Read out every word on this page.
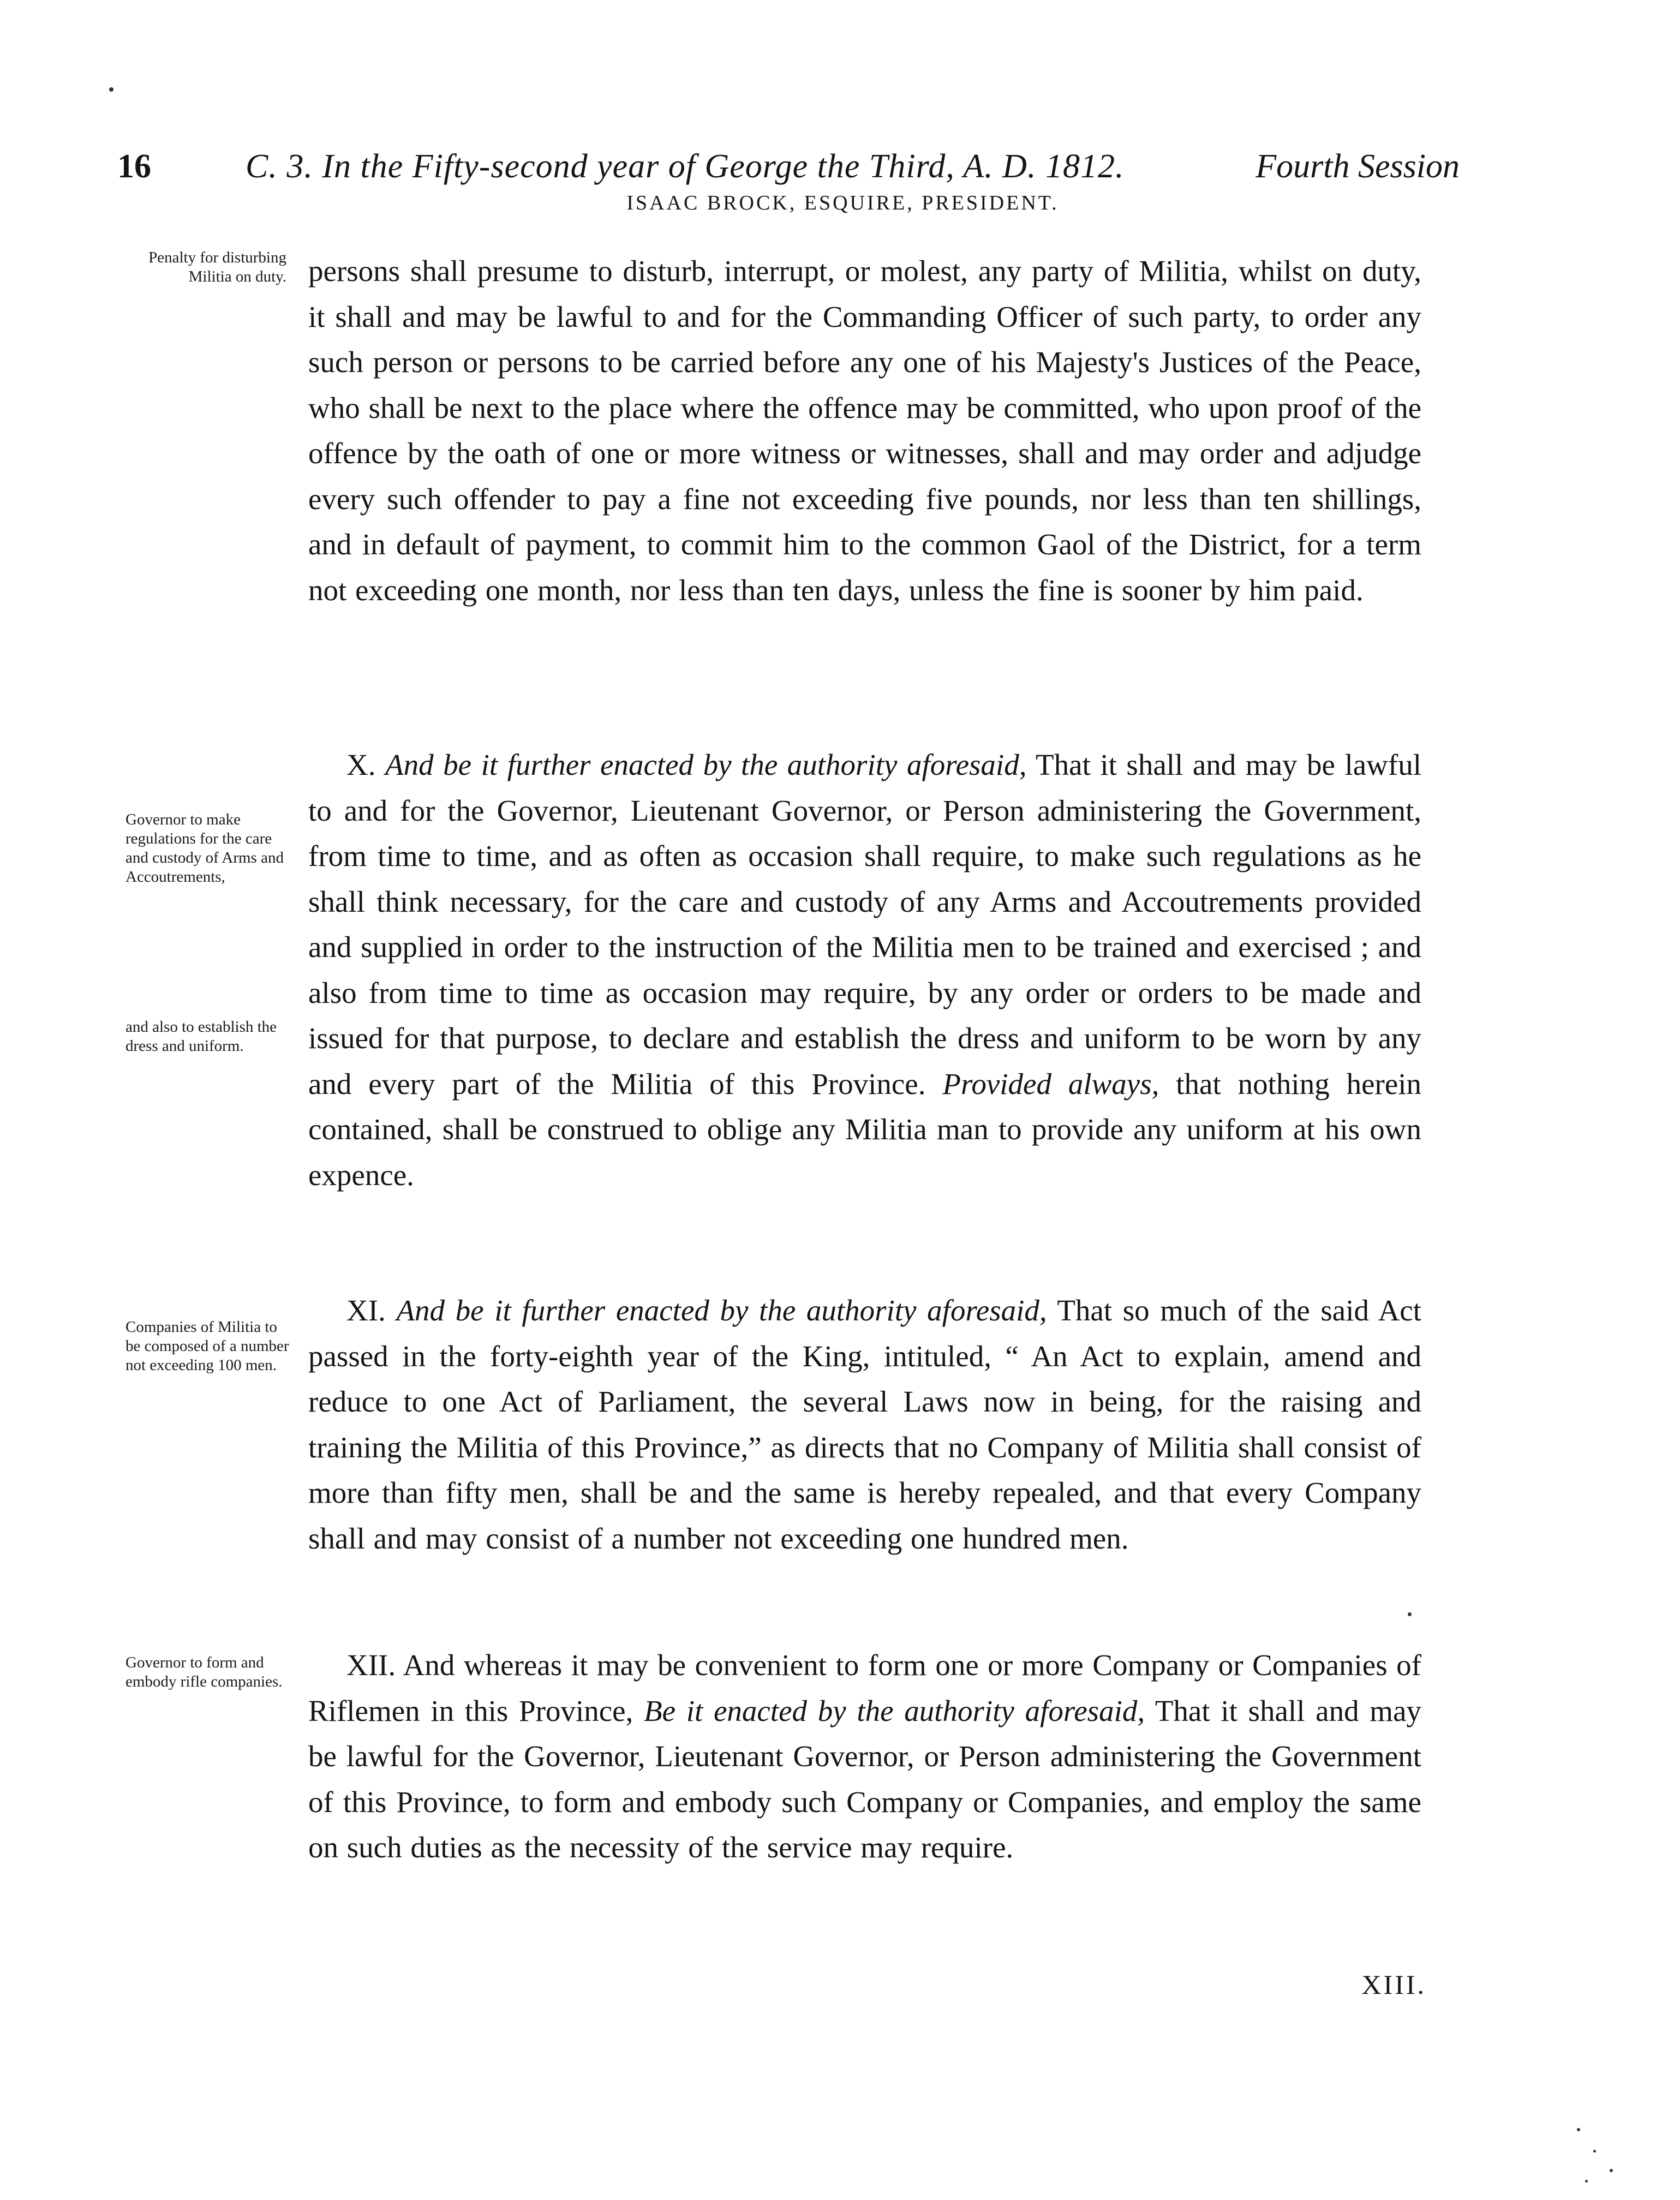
16	C. 3. In the Fifty-second year of George the Third, A. D. 1812.	Fourth Session
ISAAC BROCK, ESQUIRE, PRESIDENT.
Penalty for disturbing Militia on duty.
Governor to make regulations for the care and custody of Arms and Accoutrements,
and also to establish the dress and uniform.
Companies of Militia to be composed of a number not exceeding 100 men.
Governor to form and embody rifle companies.
persons shall presume to disturb, interrupt, or molest, any party of Militia, whilst on duty, it shall and may be lawful to and for the Commanding Officer of such party, to order any such person or persons to be carried before any one of his Majesty's Justices of the Peace, who shall be next to the place where the offence may be committed, who upon proof of the offence by the oath of one or more witness or witnesses, shall and may order and adjudge every such offender to pay a fine not exceeding five pounds, nor less than ten shillings, and in default of payment, to commit him to the common Gaol of the District, for a term not exceeding one month, nor less than ten days, unless the fine is sooner by him paid.
X. And be it further enacted by the authority aforesaid, That it shall and may be lawful to and for the Governor, Lieutenant Governor, or Person administering the Government, from time to time, and as often as occasion shall require, to make such regulations as he shall think necessary, for the care and custody of any Arms and Accoutrements provided and supplied in order to the instruction of the Militia men to be trained and exercised ; and also from time to time as occasion may require, by any order or orders to be made and issued for that purpose, to declare and establish the dress and uniform to be worn by any and every part of the Militia of this Province. Provided always, that nothing herein contained, shall be construed to oblige any Militia man to provide any uniform at his own expence.
XI. And be it further enacted by the authority aforesaid, That so much of the said Act passed in the forty-eighth year of the King, intituled, “ An Act to explain, amend and reduce to one Act of Parliament, the several Laws now in being, for the raising and training the Militia of this Province,” as directs that no Company of Militia shall consist of more than fifty men, shall be and the same is hereby repealed, and that every Company shall and may consist of a number not exceeding one hundred men.
XII. And whereas it may be convenient to form one or more Company or Companies of Riflemen in this Province, Be it enacted by the authority aforesaid, That it shall and may be lawful for the Governor, Lieutenant Governor, or Person administering the Government of this Province, to form and embody such Company or Companies, and employ the same on such duties as the necessity of the service may require.
XIII.
